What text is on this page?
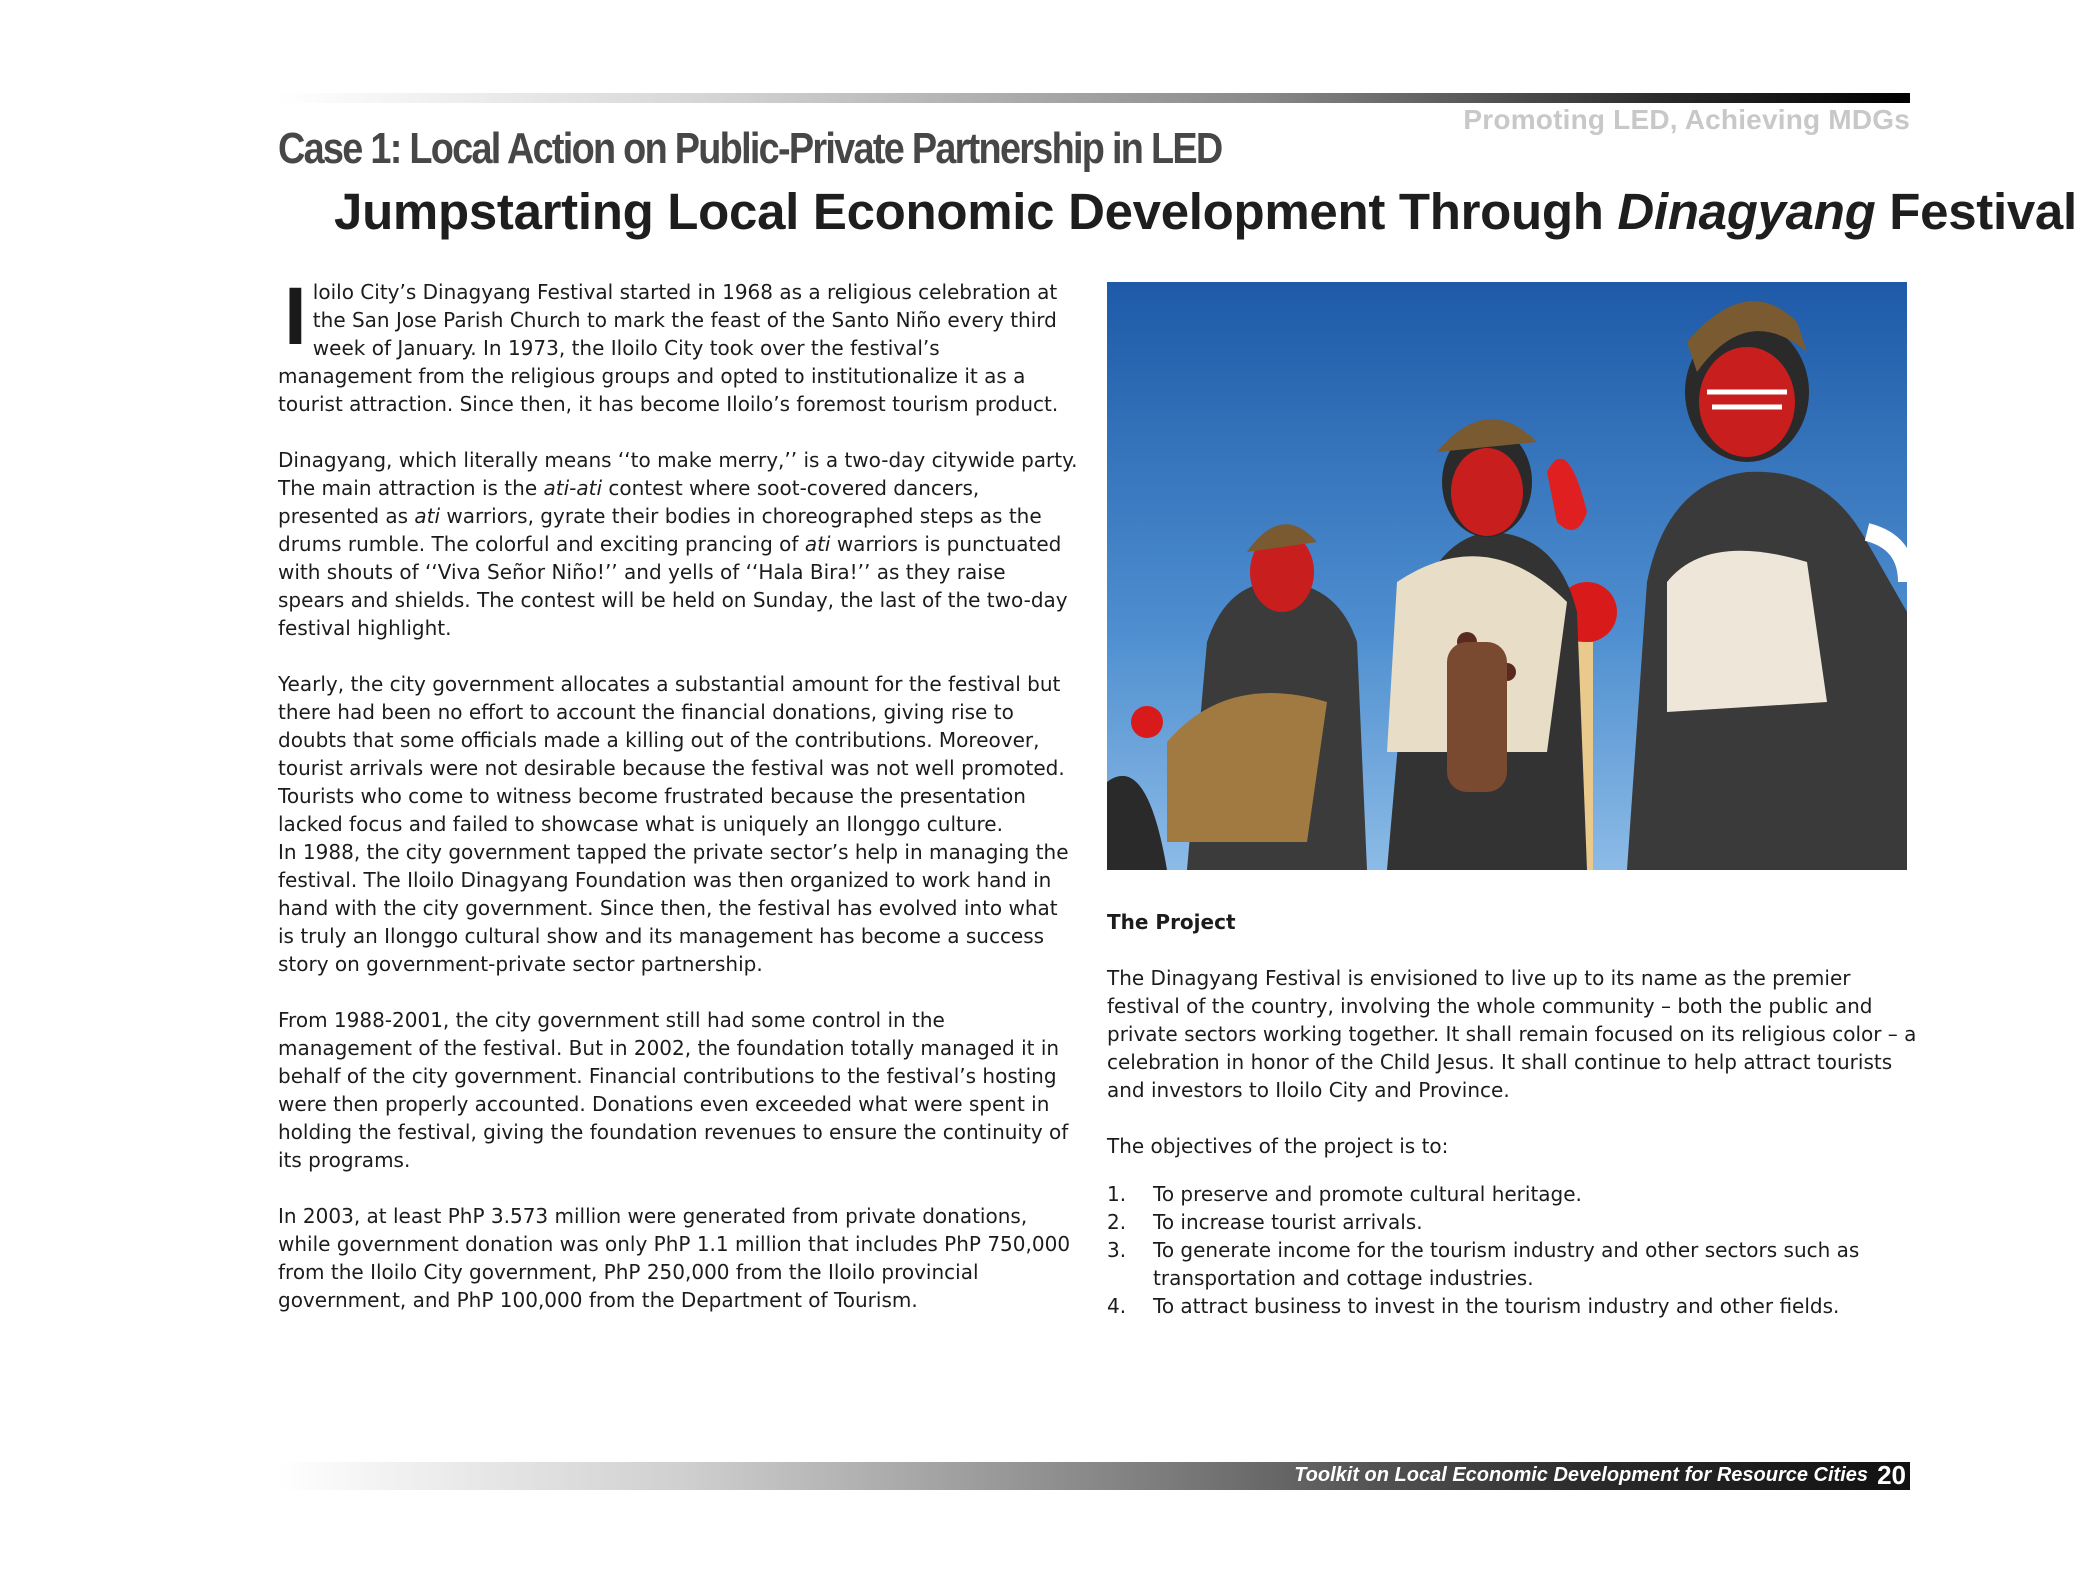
Promoting LED, Achieving MDGs
Case 1: Local Action on Public-Private Partnership in LED
Jumpstarting Local Economic Development Through Dinagyang Festival

Iloilo City’s Dinagyang Festival started in 1968 as a religious celebration at the San Jose Parish Church to mark the feast of the Santo Niño every third week of January. In 1973, the Iloilo City took over the festival’s management from the religious groups and opted to institutionalize it as a tourist attraction. Since then, it has become Iloilo’s foremost tourism product.

Dinagyang, which literally means ‘‘to make merry,’’ is a two-day citywide party. The main attraction is the ati-ati contest where soot-covered dancers, presented as ati warriors, gyrate their bodies in choreographed steps as the drums rumble. The colorful and exciting prancing of ati warriors is punctuated with shouts of ‘‘Viva Señor Niño!’’ and yells of ‘‘Hala Bira!’’ as they raise spears and shields. The contest will be held on Sunday, the last of the two-day festival highlight.

Yearly, the city government allocates a substantial amount for the festival but there had been no effort to account the financial donations, giving rise to doubts that some officials made a killing out of the contributions. Moreover, tourist arrivals were not desirable because the festival was not well promoted. Tourists who come to witness become frustrated because the presentation lacked focus and failed to showcase what is uniquely an Ilonggo culture.

In 1988, the city government tapped the private sector’s help in managing the festival. The Iloilo Dinagyang Foundation was then organized to work hand in hand with the city government. Since then, the festival has evolved into what is truly an Ilonggo cultural show and its management has become a success story on government-private sector partnership.

From 1988-2001, the city government still had some control in the management of the festival. But in 2002, the foundation totally managed it in behalf of the city government. Financial contributions to the festival’s hosting were then properly accounted. Donations even exceeded what were spent in holding the festival, giving the foundation revenues to ensure the continuity of its programs.

In 2003, at least PhP 3.573 million were generated from private donations, while government donation was only PhP 1.1 million that includes PhP 750,000 from the Iloilo City government, PhP 250,000 from the Iloilo provincial government, and PhP 100,000 from the Department of Tourism.

The Project

The Dinagyang Festival is envisioned to live up to its name as the premier festival of the country, involving the whole community – both the public and private sectors working together. It shall remain focused on its religious color – a celebration in honor of the Child Jesus. It shall continue to help attract tourists and investors to Iloilo City and Province.

The objectives of the project is to:

1.	To preserve and promote cultural heritage.
2.	To increase tourist arrivals.
3.	To generate income for the tourism industry and other sectors such as transportation and cottage industries.
4.	To attract business to invest in the tourism industry and other fields.
Toolkit on Local Economic Development for Resource Cities 20
